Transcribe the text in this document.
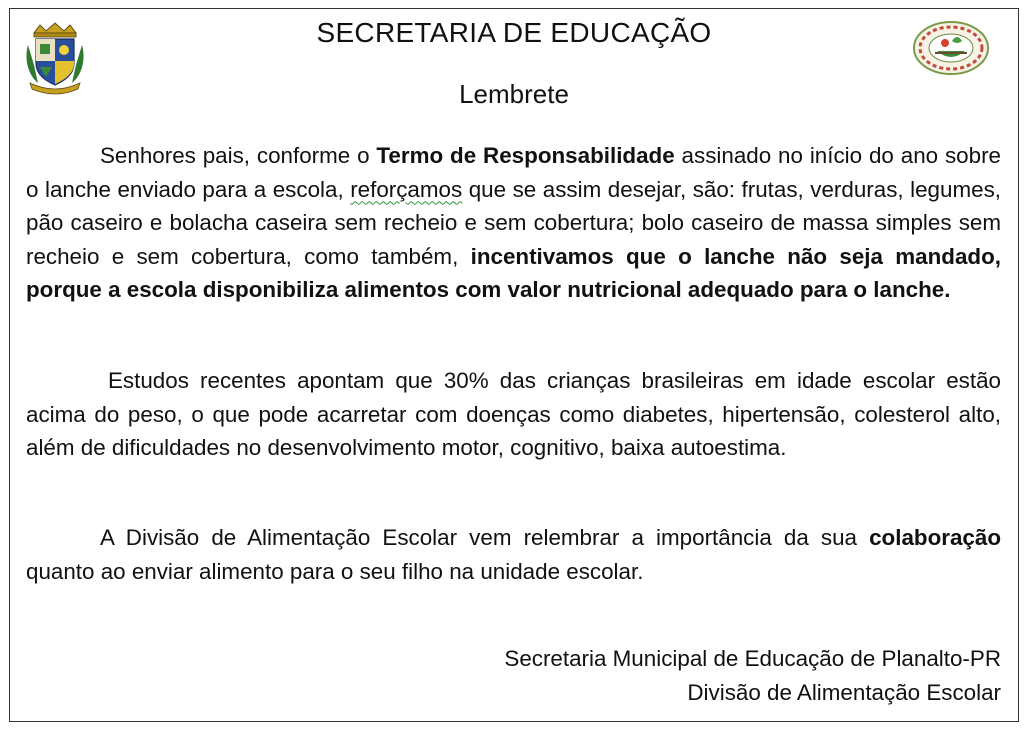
SECRETARIA DE EDUCAÇÃO
Lembrete

Senhores pais, conforme o Termo de Responsabilidade assinado no início do ano sobre o lanche enviado para a escola, reforçamos que se assim desejar, são: frutas, verduras, legumes, pão caseiro e bolacha caseira sem recheio e sem cobertura; bolo caseiro de massa simples sem recheio e sem cobertura, como também, incentivamos que o lanche não seja mandado, porque a escola disponibiliza alimentos com valor nutricional adequado para o lanche.

Estudos recentes apontam que 30% das crianças brasileiras em idade escolar estão acima do peso, o que pode acarretar com doenças como diabetes, hipertensão, colesterol alto, além de dificuldades no desenvolvimento motor, cognitivo, baixa autoestima.

A Divisão de Alimentação Escolar vem relembrar a importância da sua colaboração quanto ao enviar alimento para o seu filho na unidade escolar.

Secretaria Municipal de Educação de Planalto-PR

Divisão de Alimentação Escolar
